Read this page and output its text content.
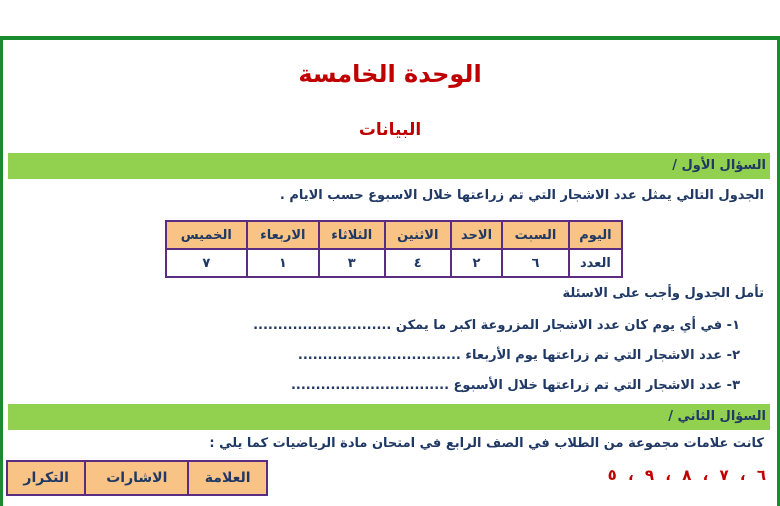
الوحدة الخامسة
البيانات
السؤال الأول /
الجدول التالي يمثل عدد الاشجار التي تم زراعتها خلال الاسبوع حسب الايام .
اليوم	السبت	الاحد	الاثنين	الثلاثاء	الاربعاء	الخميس
العدد	٦	٢	٤	٣	١	٧
تأمل الجدول وأجب على الاسئلة
١- في أي يوم كان عدد الاشجار المزروعة اكبر ما يمكن ............................
٢- عدد الاشجار التي تم زراعتها يوم الأربعاء .................................
٣- عدد الاشجار التي تم زراعتها خلال الأسبوع ................................
السؤال الثاني /
كانت علامات مجموعة من الطلاب في الصف الرابع في امتحان مادة الرياضيات كما يلي :
٦ ، ٧ ، ٨ ، ٩ ، ٥
العلامة	الاشارات	التكرار
